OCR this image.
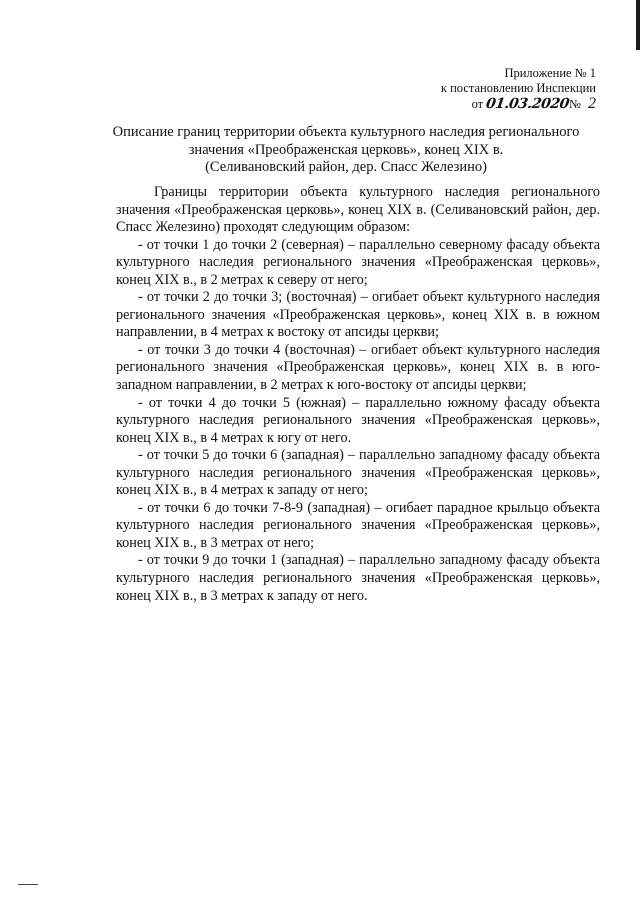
Приложение № 1
к постановлению Инспекции
от 01.03.2020№ 2
Описание границ территории объекта культурного наследия регионального
значения «Преображенская церковь», конец XIX в.
(Селивановский район, дер. Спасс Железино)

Границы территории объекта культурного наследия регионального значения «Преображенская церковь», конец XIX в. (Селивановский район, дер. Спасс Железино) проходят следующим образом:

- от точки 1 до точки 2 (северная) – параллельно северному фасаду объекта культурного наследия регионального значения «Преображенская церковь», конец XIX в., в 2 метрах к северу от него;

- от точки 2 до точки 3; (восточная) – огибает объект культурного наследия регионального значения «Преображенская церковь», конец XIX в. в южном направлении, в 4 метрах к востоку от апсиды церкви;

- от точки 3 до точки 4 (восточная) – огибает объект культурного наследия регионального значения «Преображенская церковь», конец XIX в. в юго-западном направлении, в 2 метрах к юго-востоку от апсиды церкви;

- от точки 4 до точки 5 (южная) – параллельно южному фасаду объекта культурного наследия регионального значения «Преображенская церковь», конец XIX в., в 4 метрах к югу от него.

- от точки 5 до точки 6 (западная) – параллельно западному фасаду объекта культурного наследия регионального значения «Преображенская церковь», конец XIX в., в 4 метрах к западу от него;

- от точки 6 до точки 7-8-9 (западная) – огибает парадное крыльцо объекта культурного наследия регионального значения «Преображенская церковь», конец XIX в., в 3 метрах от него;

- от точки 9 до точки 1 (западная) – параллельно западному фасаду объекта культурного наследия регионального значения «Преображенская церковь», конец XIX в., в 3 метрах к западу от него.
